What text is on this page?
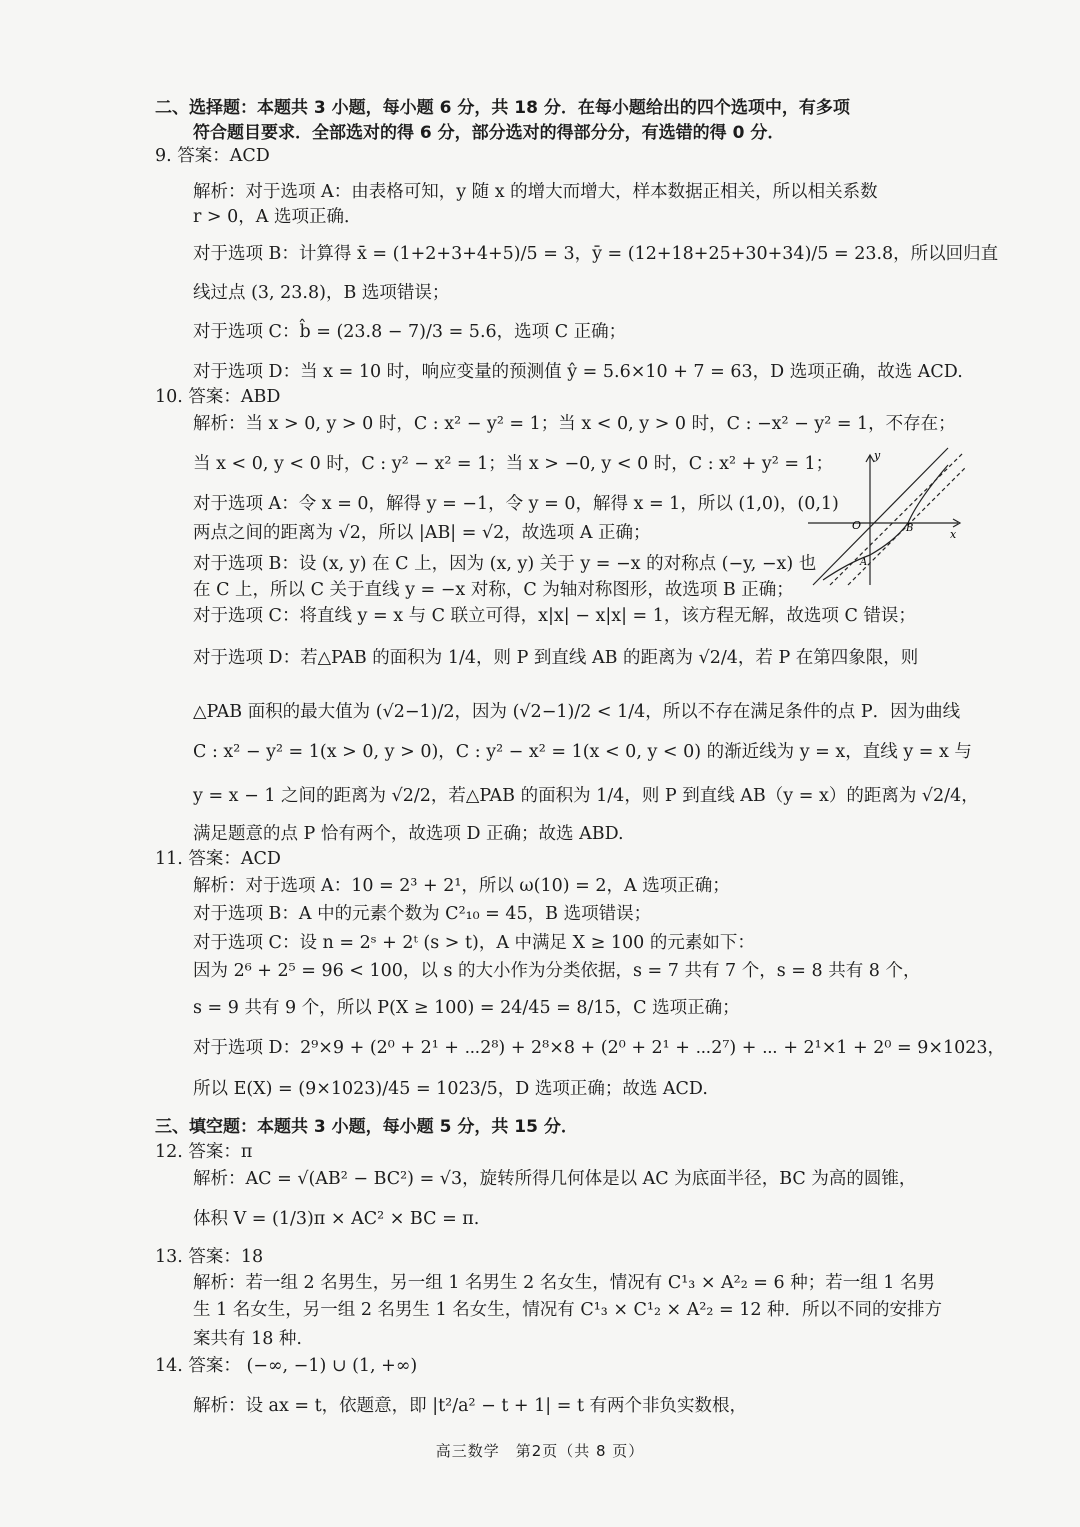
二、选择题：本题共 3 小题，每小题 6 分，共 18 分．在每小题给出的四个选项中，有多项
符合题目要求．全部选对的得 6 分，部分选对的得部分分，有选错的得 0 分．
9. 答案：ACD
解析：对于选项 A：由表格可知，y 随 x 的增大而增大，样本数据正相关，所以相关系数
r > 0，A 选项正确．
对于选项 B：计算得 x̄ = (1+2+3+4+5)/5 = 3，ȳ = (12+18+25+30+34)/5 = 23.8，所以回归直
线过点 (3, 23.8)，B 选项错误；
对于选项 C：b̂ = (23.8 − 7)/3 = 5.6，选项 C 正确；
对于选项 D：当 x = 10 时，响应变量的预测值 ŷ = 5.6×10 + 7 = 63，D 选项正确，故选 ACD.
10. 答案：ABD
解析：当 x > 0, y > 0 时，C : x² − y² = 1；当 x < 0, y > 0 时，C : −x² − y² = 1，不存在；
当 x < 0, y < 0 时，C : y² − x² = 1；当 x > −0, y < 0 时，C : x² + y² = 1；
对于选项 A：令 x = 0，解得 y = −1，令 y = 0，解得 x = 1，所以 (1,0)，(0,1)
两点之间的距离为 √2，所以 |AB| = √2，故选项 A 正确；
对于选项 B：设 (x, y) 在 C 上，因为 (x, y) 关于 y = −x 的对称点 (−y, −x) 也
在 C 上，所以 C 关于直线 y = −x 对称，C 为轴对称图形，故选项 B 正确；
对于选项 C：将直线 y = x 与 C 联立可得，x|x| − x|x| = 1，该方程无解，故选项 C 错误；
对于选项 D：若△PAB 的面积为 1/4，则 P 到直线 AB 的距离为 √2/4，若 P 在第四象限，则
△PAB 面积的最大值为 (√2−1)/2，因为 (√2−1)/2 < 1/4，所以不存在满足条件的点 P．因为曲线
C : x² − y² = 1(x > 0, y > 0)，C : y² − x² = 1(x < 0, y < 0) 的渐近线为 y = x，直线 y = x 与
y = x − 1 之间的距离为 √2/2，若△PAB 的面积为 1/4，则 P 到直线 AB（y = x）的距离为 √2/4，
满足题意的点 P 恰有两个，故选项 D 正确；故选 ABD.
11. 答案：ACD
解析：对于选项 A：10 = 2³ + 2¹，所以 ω(10) = 2，A 选项正确；
对于选项 B：A 中的元素个数为 C²₁₀ = 45，B 选项错误；
对于选项 C：设 n = 2ˢ + 2ᵗ (s > t)，A 中满足 X ≥ 100 的元素如下：
因为 2⁶ + 2⁵ = 96 < 100，以 s 的大小作为分类依据，s = 7 共有 7 个，s = 8 共有 8 个，
s = 9 共有 9 个，所以 P(X ≥ 100) = 24/45 = 8/15，C 选项正确；
对于选项 D：2⁹×9 + (2⁰ + 2¹ + ⋯2⁸) + 2⁸×8 + (2⁰ + 2¹ + ⋯2⁷) + ⋯ + 2¹×1 + 2⁰ = 9×1023，
所以 E(X) = (9×1023)/45 = 1023/5，D 选项正确；故选 ACD.
三、填空题：本题共 3 小题，每小题 5 分，共 15 分．
12. 答案：π
解析：AC = √(AB² − BC²) = √3，旋转所得几何体是以 AC 为底面半径，BC 为高的圆锥，
体积 V = (1/3)π × AC² × BC = π.
13. 答案：18
解析：若一组 2 名男生，另一组 1 名男生 2 名女生，情况有 C¹₃ × A²₂ = 6 种；若一组 1 名男
生 1 名女生，另一组 2 名男生 1 名女生，情况有 C¹₃ × C¹₂ × A²₂ = 12 种．所以不同的安排方
案共有 18 种.
14. 答案： (−∞, −1) ∪ (1, +∞)
解析：设 ax = t，依题意，即 |t²/a² − t + 1| = t 有两个非负实数根，
y
x
O
A
B
高三数学　第2页（共 8 页）
